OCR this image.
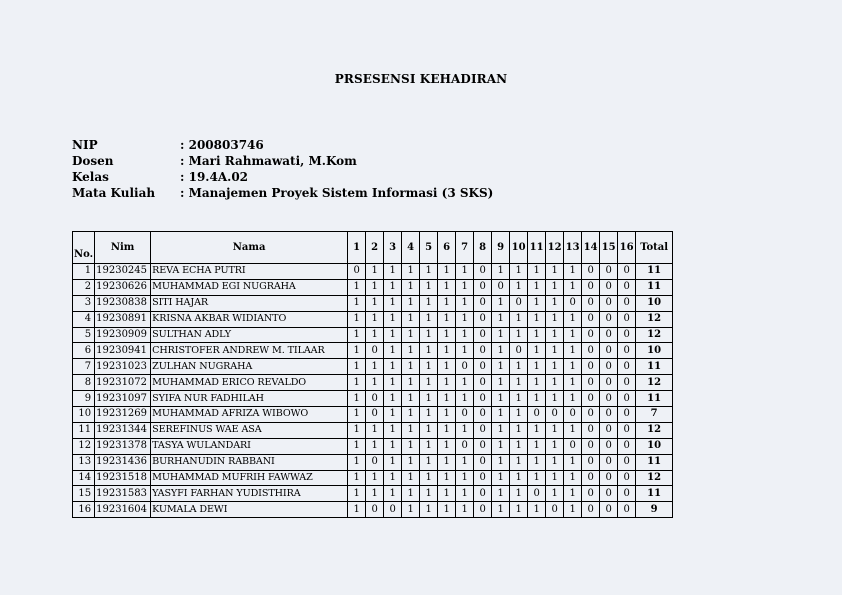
PRSESENSI KEHADIRAN
NIP	: 200803746
Dosen	: Mari Rahmawati, M.Kom
Kelas	: 19.4A.02
Mata Kuliah	: Manajemen Proyek Sistem Informasi (3 SKS)
No.	Nim	Nama	1	2	3	4	5	6	7	8	9	10	11	12	13	14	15	16	Total
1	19230245	REVA ECHA PUTRI	0	1	1	1	1	1	1	0	1	1	1	1	1	0	0	0	11
2	19230626	MUHAMMAD EGI NUGRAHA	1	1	1	1	1	1	1	0	0	1	1	1	1	0	0	0	11
3	19230838	SITI HAJAR	1	1	1	1	1	1	1	0	1	0	1	1	0	0	0	0	10
4	19230891	KRISNA AKBAR WIDIANTO	1	1	1	1	1	1	1	0	1	1	1	1	1	0	0	0	12
5	19230909	SULTHAN ADLY	1	1	1	1	1	1	1	0	1	1	1	1	1	0	0	0	12
6	19230941	CHRISTOFER ANDREW M. TILAAR	1	0	1	1	1	1	1	0	1	0	1	1	1	0	0	0	10
7	19231023	ZULHAN NUGRAHA	1	1	1	1	1	1	0	0	1	1	1	1	1	0	0	0	11
8	19231072	MUHAMMAD ERICO REVALDO	1	1	1	1	1	1	1	0	1	1	1	1	1	0	0	0	12
9	19231097	SYIFA NUR FADHILAH	1	0	1	1	1	1	1	0	1	1	1	1	1	0	0	0	11
10	19231269	MUHAMMAD AFRIZA WIBOWO	1	0	1	1	1	1	0	0	1	1	0	0	0	0	0	0	7
11	19231344	SEREFINUS WAE ASA	1	1	1	1	1	1	1	0	1	1	1	1	1	0	0	0	12
12	19231378	TASYA WULANDARI	1	1	1	1	1	1	0	0	1	1	1	1	0	0	0	0	10
13	19231436	BURHANUDIN RABBANI	1	0	1	1	1	1	1	0	1	1	1	1	1	0	0	0	11
14	19231518	MUHAMMAD MUFRIH FAWWAZ	1	1	1	1	1	1	1	0	1	1	1	1	1	0	0	0	12
15	19231583	YASYFI FARHAN YUDISTHIRA	1	1	1	1	1	1	1	0	1	1	0	1	1	0	0	0	11
16	19231604	KUMALA DEWI	1	0	0	1	1	1	1	0	1	1	1	0	1	0	0	0	9
